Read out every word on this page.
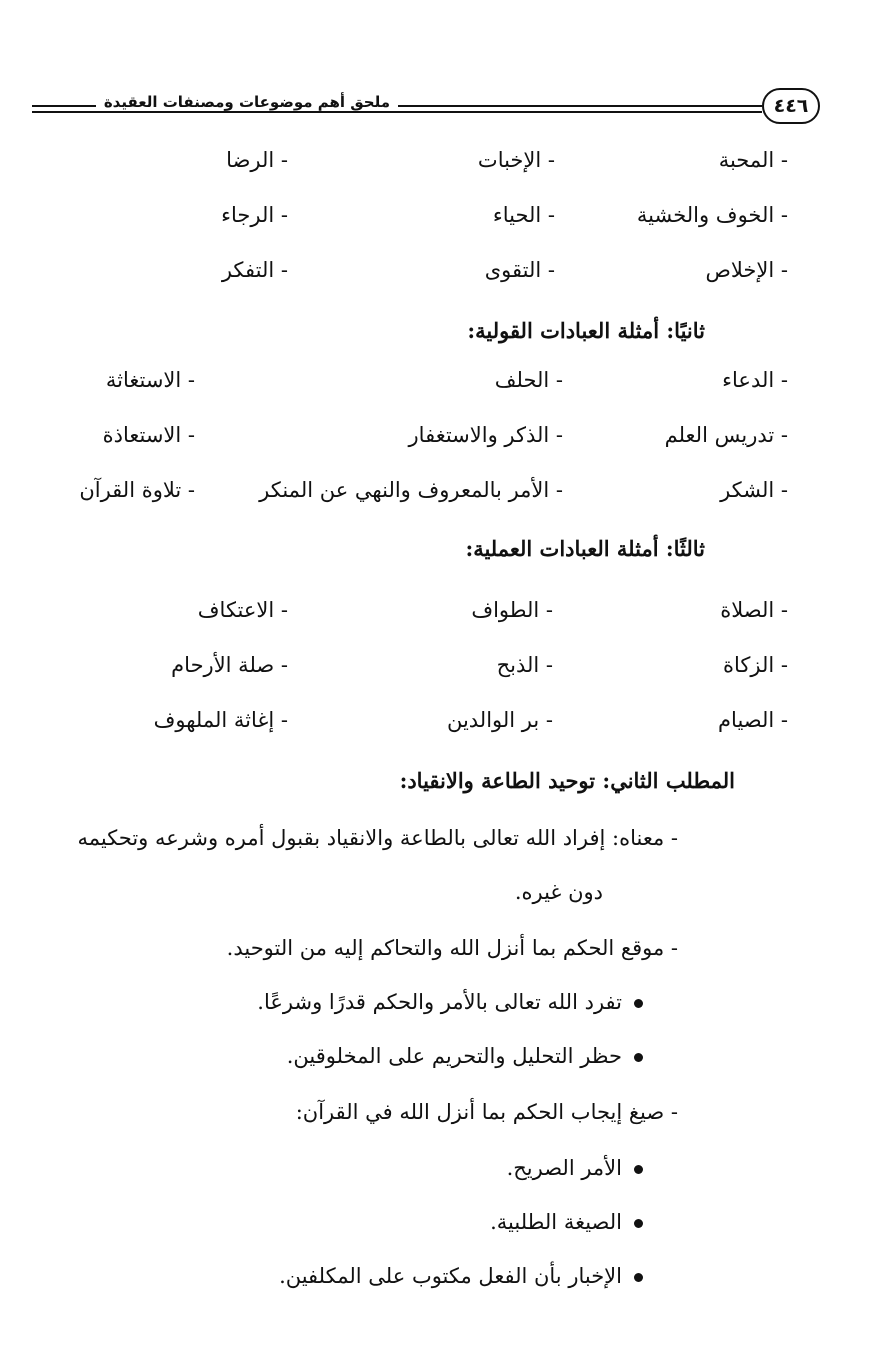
ملحق أهم موضوعات ومصنفات العقيدة	٤٤٦
- المحبة
- الإخبات
- الرضا
- الخوف والخشية
- الحياء
- الرجاء
- الإخلاص
- التقوى
- التفكر
ثانيًا: أمثلة العبادات القولية:
- الدعاء
- الحلف
- الاستغاثة
- تدريس العلم
- الذكر والاستغفار
- الاستعاذة
- الشكر
- الأمر بالمعروف والنهي عن المنكر
- تلاوة القرآن
ثالثًا: أمثلة العبادات العملية:
- الصلاة
- الطواف
- الاعتكاف
- الزكاة
- الذبح
- صلة الأرحام
- الصيام
- بر الوالدين
- إغاثة الملهوف
المطلب الثاني: توحيد الطاعة والانقياد:
- معناه: إفراد الله تعالى بالطاعة والانقياد بقبول أمره وشرعه وتحكيمه
دون غيره.
- موقع الحكم بما أنزل الله والتحاكم إليه من التوحيد.
تفرد الله تعالى بالأمر والحكم قدرًا وشرعًا.
حظر التحليل والتحريم على المخلوقين.
- صيغ إيجاب الحكم بما أنزل الله في القرآن:
الأمر الصريح.
الصيغة الطلبية.
الإخبار بأن الفعل مكتوب على المكلفين.
